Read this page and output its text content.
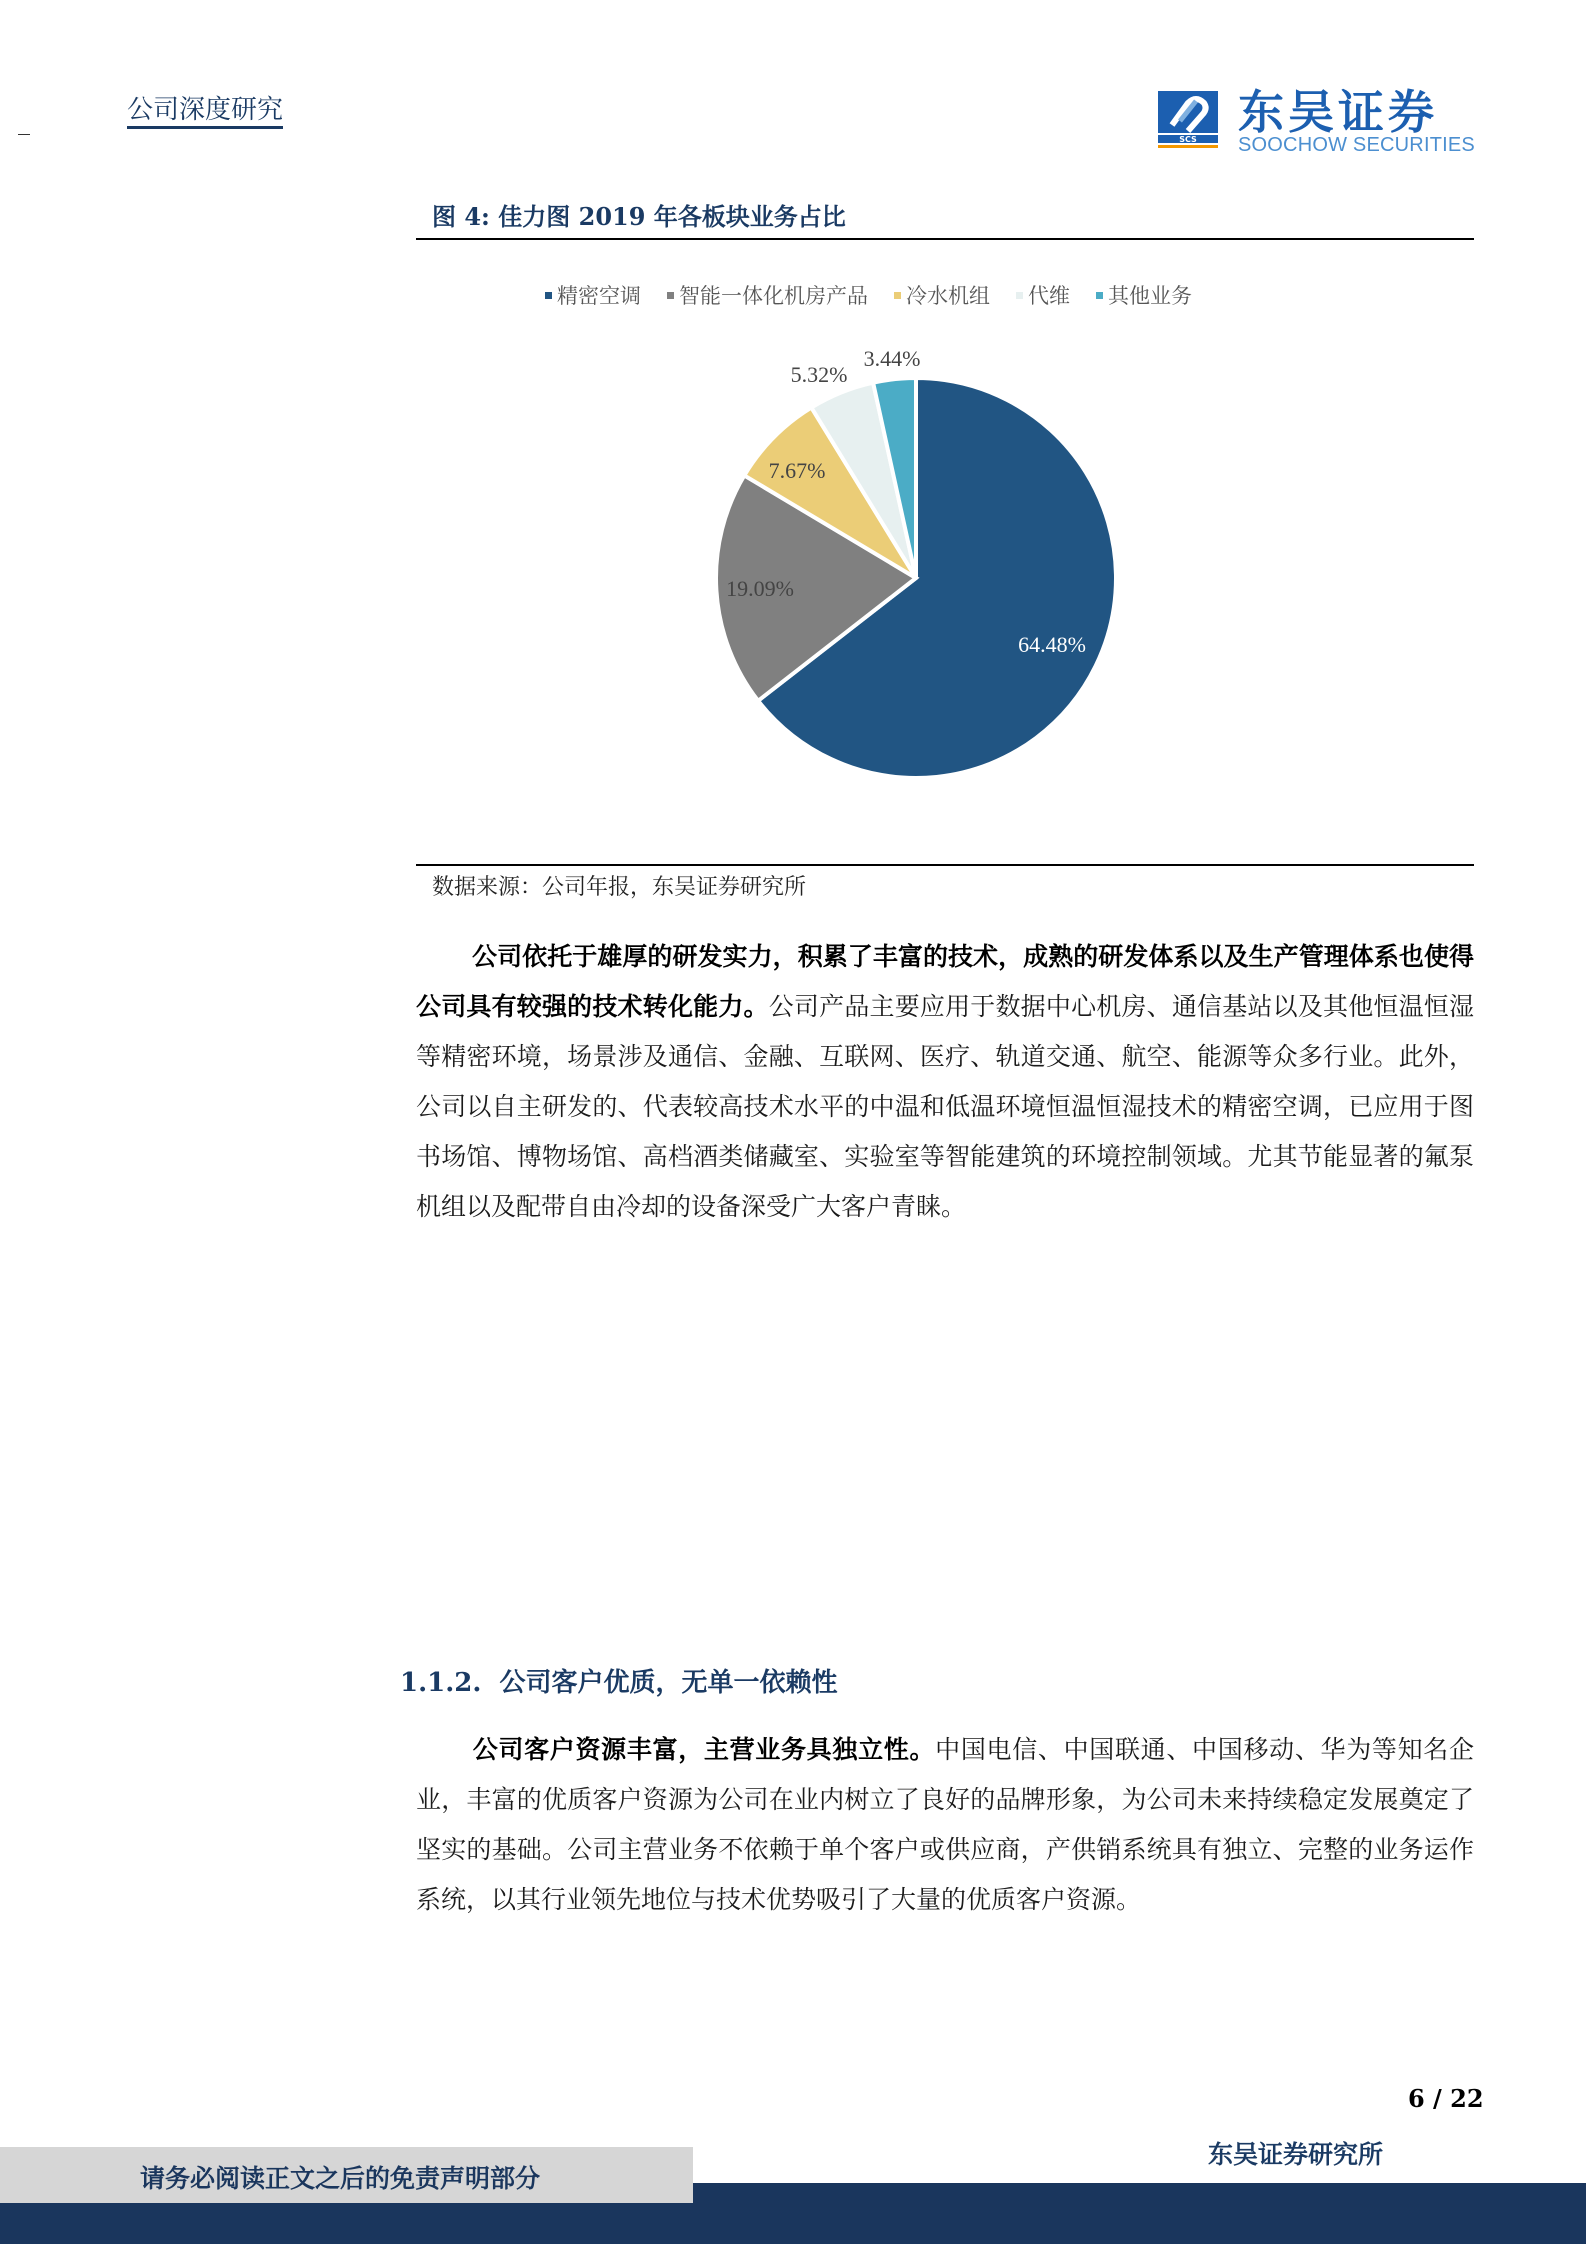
公司深度研究
SCS
东吴证券
SOOCHOW SECURITIES
图 4: 佳力图 2019 年各板块业务占比
精密空调 智能一体化机房产品 冷水机组 代维 其他业务
64.48%
19.09%
7.67%
5.32%
3.44%
数据来源：公司年报，东吴证券研究所
公司依托于雄厚的研发实力，积累了丰富的技术，成熟的研发体系以及生产管理体系也使得公司具有较强的技术转化能力。公司产品主要应用于数据中心机房、通信基站以及其他恒温恒湿等精密环境，场景涉及通信、金融、互联网、医疗、轨道交通、航空、能源等众多行业。此外，公司以自主研发的、代表较高技术水平的中温和低温环境恒温恒湿技术的精密空调，已应用于图书场馆、博物场馆、高档酒类储藏室、实验室等智能建筑的环境控制领域。尤其节能显著的氟泵机组以及配带自由冷却的设备深受广大客户青睐。
1.1.2. 公司客户优质，无单一依赖性
公司客户资源丰富，主营业务具独立性。中国电信、中国联通、中国移动、华为等知名企业，丰富的优质客户资源为公司在业内树立了良好的品牌形象，为公司未来持续稳定发展奠定了坚实的基础。公司主营业务不依赖于单个客户或供应商，产供销系统具有独立、完整的业务运作系统，以其行业领先地位与技术优势吸引了大量的优质客户资源。
6 / 22
东吴证券研究所
请务必阅读正文之后的免责声明部分
